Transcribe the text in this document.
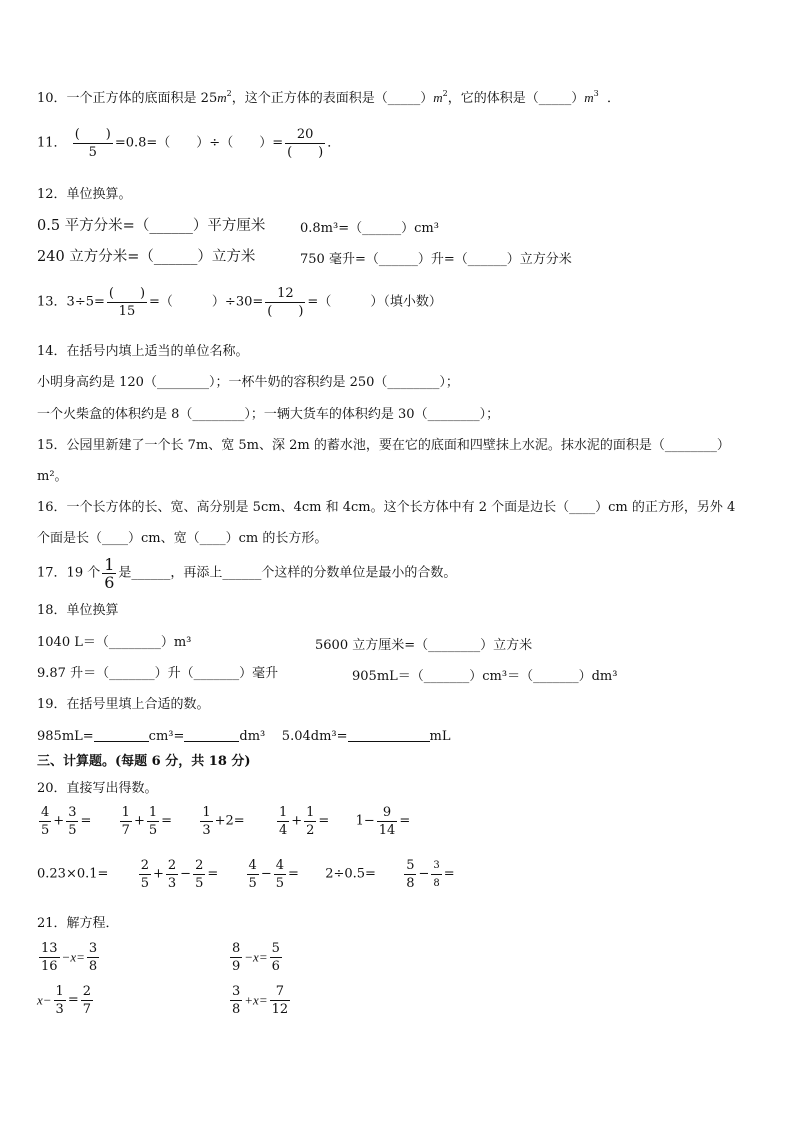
10．一个正方体的底面积是 $25m^2$，这个正方体的表面积是$(\_\_\_\_\_)m^2$，它的体积是$(\_\_\_\_\_)m^3$ ．
11． $\frac{( )}{5} =0.8=$（　　）÷（　　）= $\frac{20}{( )}$ ．
12．单位换算。
0.5 平方分米=（______）平方厘米	0.8m³=（______）cm³
240 立方分米=（______）立方米	750 毫升=（______）升=（______）立方分米
13．$3\div 5= \frac{( )}{15}$ =（　　　）$\div 30= \frac{12}{( )}$ =（　　　）（填小数）
14．在括号内填上适当的单位名称。
小明身高约是 120（________）；一杯牛奶的容积约是 250（________）；
一个火柴盒的体积约是 8（________）；一辆大货车的体积约是 30（________）；
15．公园里新建了一个长 7m、宽 5m、深 2m 的蓄水池，要在它的底面和四壁抹上水泥。抹水泥的面积是（________）
m²。
16．一个长方体的长、宽、高分别是 5cm、4cm 和 4cm。这个长方体中有 2 个面是边长（____）cm 的正方形，另外 4
个面是长（____）cm、宽（____）cm 的长方形。
17．19 个 $\frac{1}{6}$ 是______，再添上______个这样的分数单位是最小的合数。
18．单位换算
1040 L＝（________）m³	5600 立方厘米=（________）立方米
9.87 升＝（_______）升（_______）毫升	905mL＝（_______）cm³＝（_______）dm³
19．在括号里填上合适的数。
985mL=	cm³=	dm³ 5.04dm³=	mL
三、计算题。(每题 6 分，共 18 分)
20．直接写出得数。
$\frac{4}{5} + \frac{3}{5} = \frac{1}{7} + \frac{1}{5} = \frac{1}{3} +2= \frac{1}{4} + \frac{1}{2} = 1- \frac{9}{14}$ =
$0.23\times 0.1= \frac{2}{5} + \frac{2}{3} - \frac{2}{5} = \frac{4}{5} - \frac{4}{5} = 2\div 0.5= \frac{5}{8} - \frac{3}{8}$ =
21．解方程．
$\frac{13}{16} -x= \frac{3}{8}$	$\frac{8}{9} -x= \frac{5}{6}$
$x- \frac{1}{3} = \frac{2}{7}$	$\frac{3}{8} +x= \frac{7}{12}$
